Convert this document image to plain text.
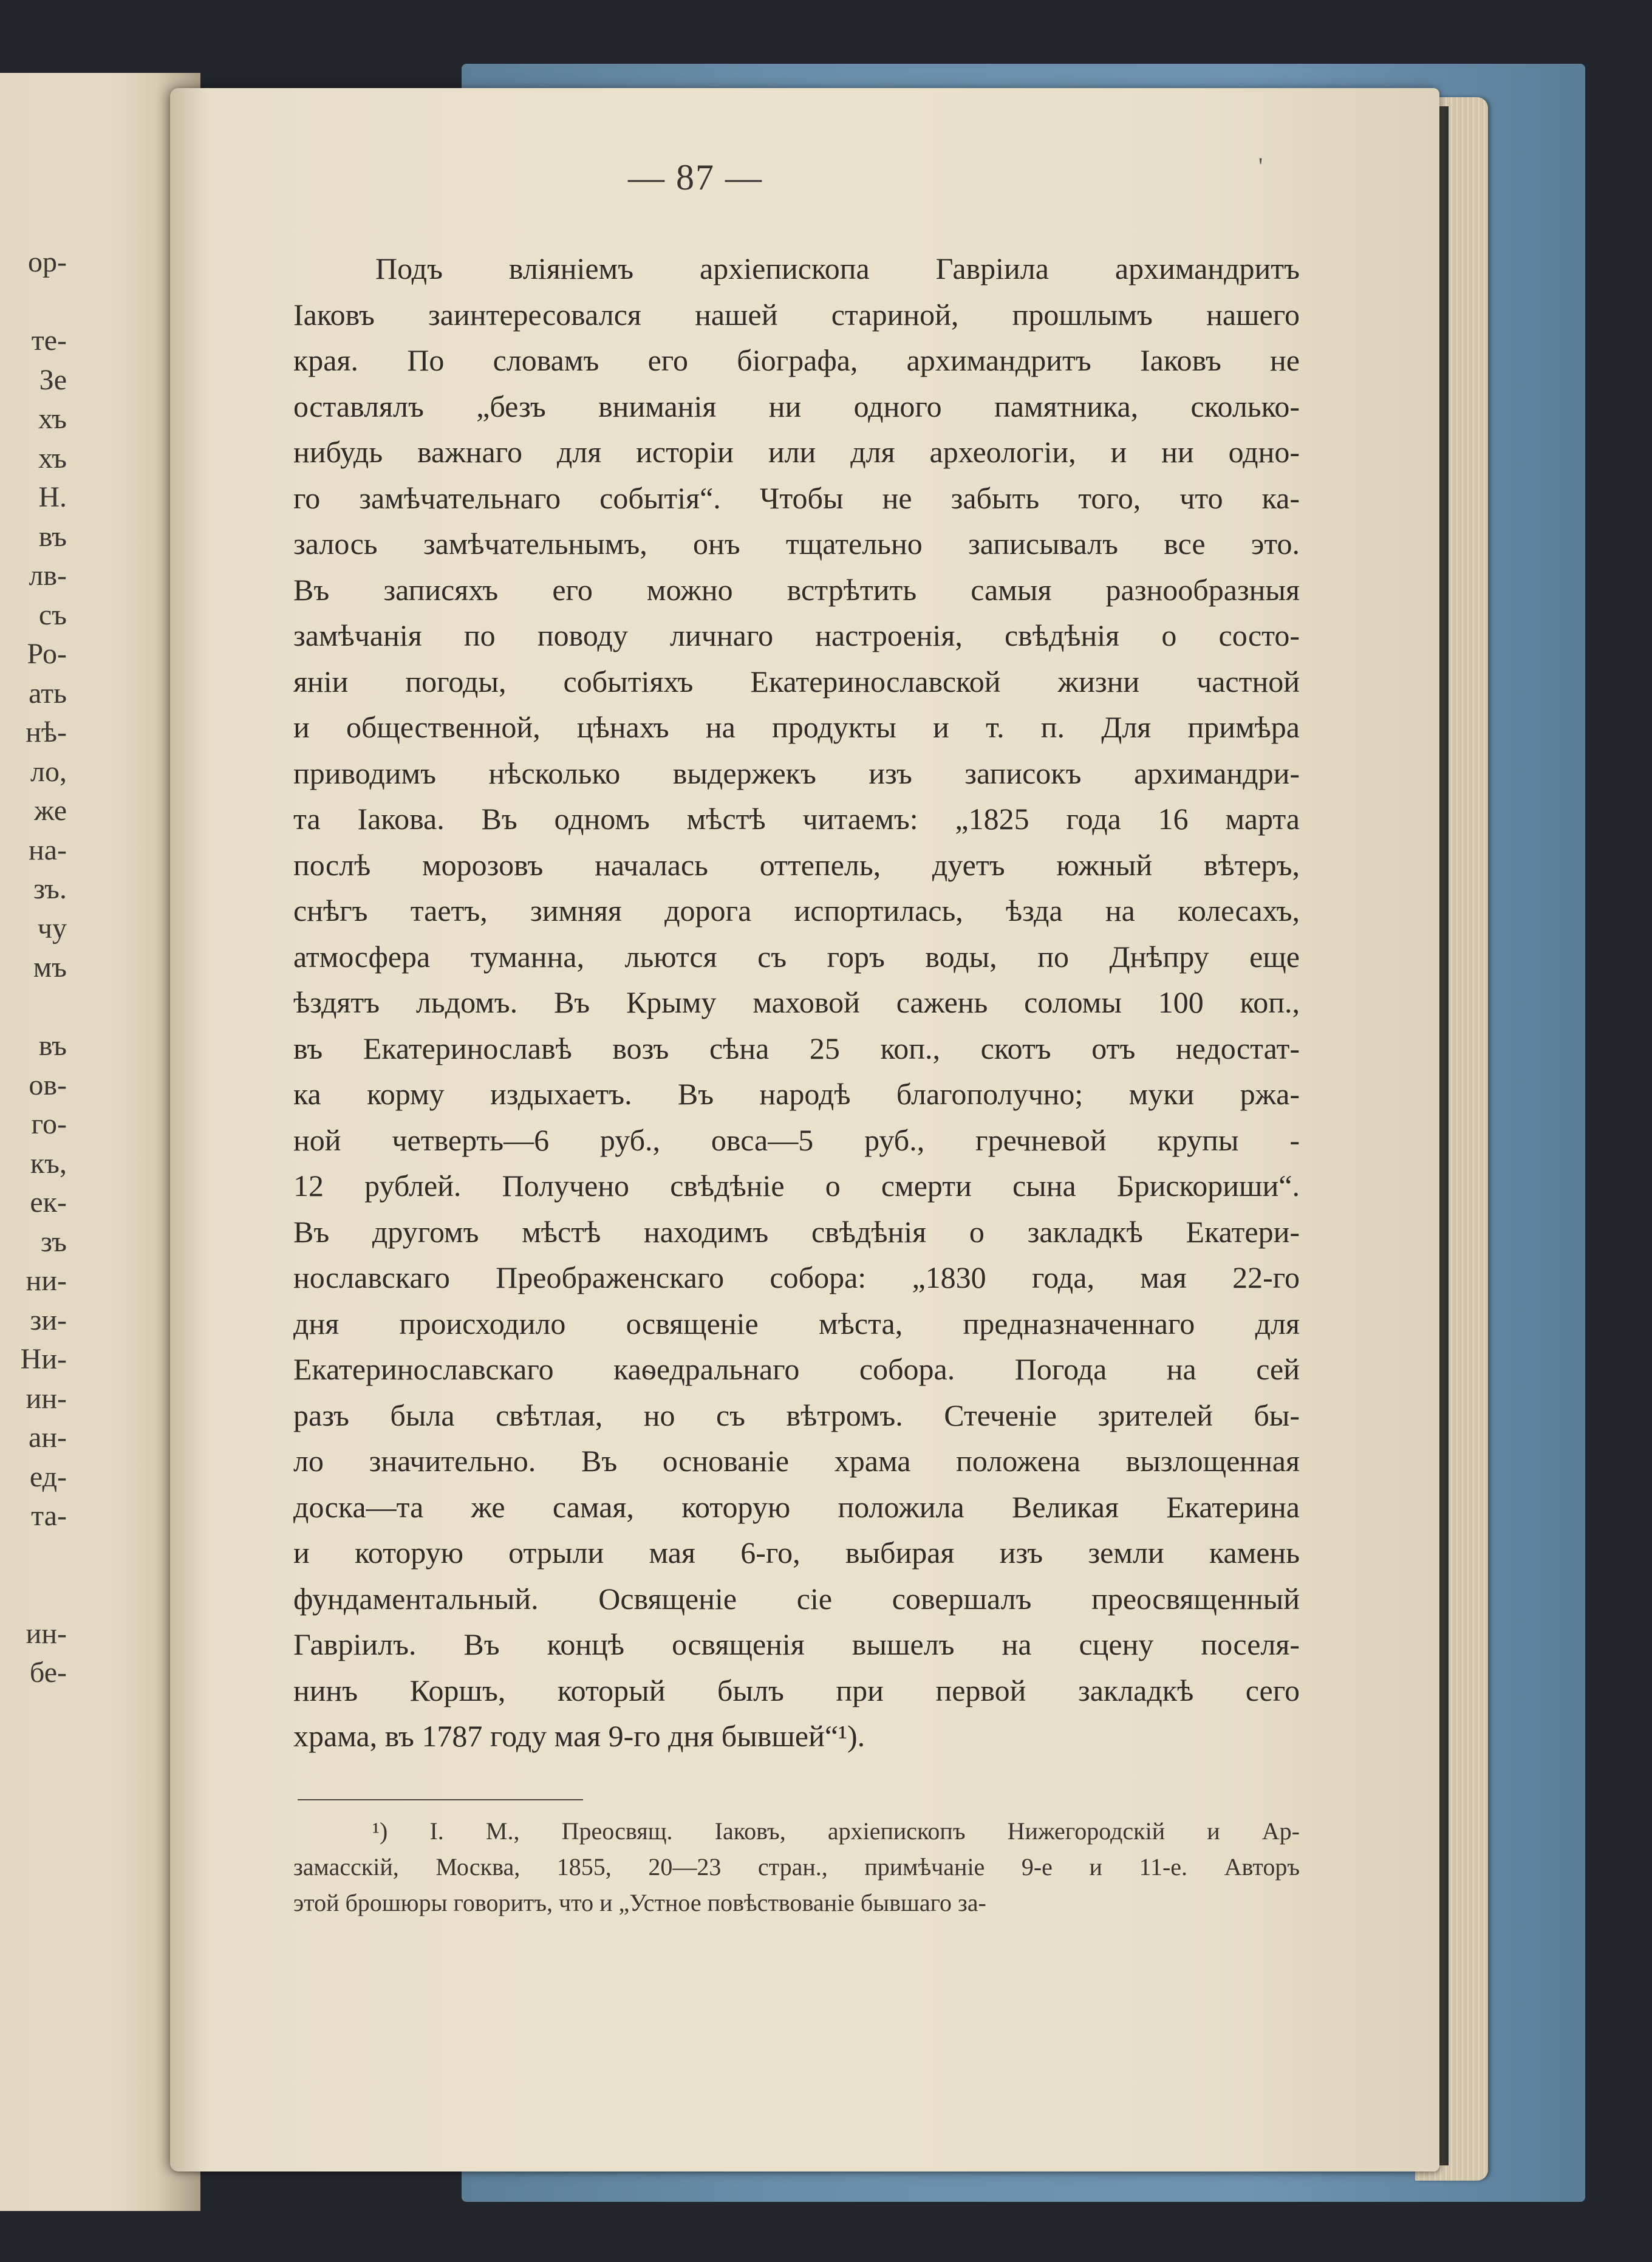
ор-
те-
Зе
хъ
хъ
Н.
въ
лв-
съ
Ро-
ать
нѣ-
ло,
же
на-
зъ.
чу
мъ
въ
ов-
го-
къ,
ек-
зъ
ни-
зи-
Ни-
ин-
ан-
ед-
та-
ин-
бе-
— 87 —	'
Подъ вліяніемъ архіепископа Гавріила архимандритъ
Іаковъ заинтересовался нашей стариной, прошлымъ нашего
края. По словамъ его біографа, архимандритъ Іаковъ не
оставлялъ „безъ вниманія ни одного памятника, сколько-
нибудь важнаго для исторіи или для археологіи, и ни одно-
го замѣчательнаго событія“. Чтобы не забыть того, что ка-
залось замѣчательнымъ, онъ тщательно записывалъ все это.
Въ записяхъ его можно встрѣтить самыя разнообразныя
замѣчанія по поводу личнаго настроенія, свѣдѣнія о состо-
яніи погоды, событіяхъ Екатеринославской жизни частной
и общественной, цѣнахъ на продукты и т. п. Для примѣра
приводимъ нѣсколько выдержекъ изъ записокъ архимандри-
та Іакова. Въ одномъ мѣстѣ читаемъ: „1825 года 16 марта
послѣ морозовъ началась оттепель, дуетъ южный вѣтеръ,
снѣгъ таетъ, зимняя дорога испортилась, ѣзда на колесахъ,
атмосфера туманна, льются съ горъ воды, по Днѣпру еще
ѣздятъ льдомъ. Въ Крыму маховой сажень соломы 100 коп.,
въ Екатеринославѣ возъ сѣна 25 коп., скотъ отъ недостат-
ка корму издыхаетъ. Въ народѣ благополучно; муки ржа-
ной четверть—6 руб., овса—5 руб., гречневой крупы -
12 рублей. Получено свѣдѣніе о смерти сына Брискориши“.
Въ другомъ мѣстѣ находимъ свѣдѣнія о закладкѣ Екатери-
нославскаго Преображенскаго собора: „1830 года, мая 22-го
дня происходило освященіе мѣста, предназначеннаго для
Екатеринославскаго каѳедральнаго собора. Погода на сей
разъ была свѣтлая, но съ вѣтромъ. Стеченіе зрителей бы-
ло значительно. Въ основаніе храма положена вызлощенная
доска—та же самая, которую положила Великая Екатерина
и которую отрыли мая 6-го, выбирая изъ земли камень
фундаментальный. Освященіе сіе совершалъ преосвященный
Гавріилъ. Въ концѣ освященія вышелъ на сцену поселя-
нинъ Коршъ, который былъ при первой закладкѣ сего
храма, въ 1787 году мая 9-го дня бывшей“¹).
¹) І. М., Преосвящ. Іаковъ, архіепископъ Нижегородскій и Ар-
замасскій, Москва, 1855, 20—23 стран., примѣчаніе 9-е и 11-е. Авторъ
этой брошюры говоритъ, что и „Устное повѣствованіе бывшаго за-
